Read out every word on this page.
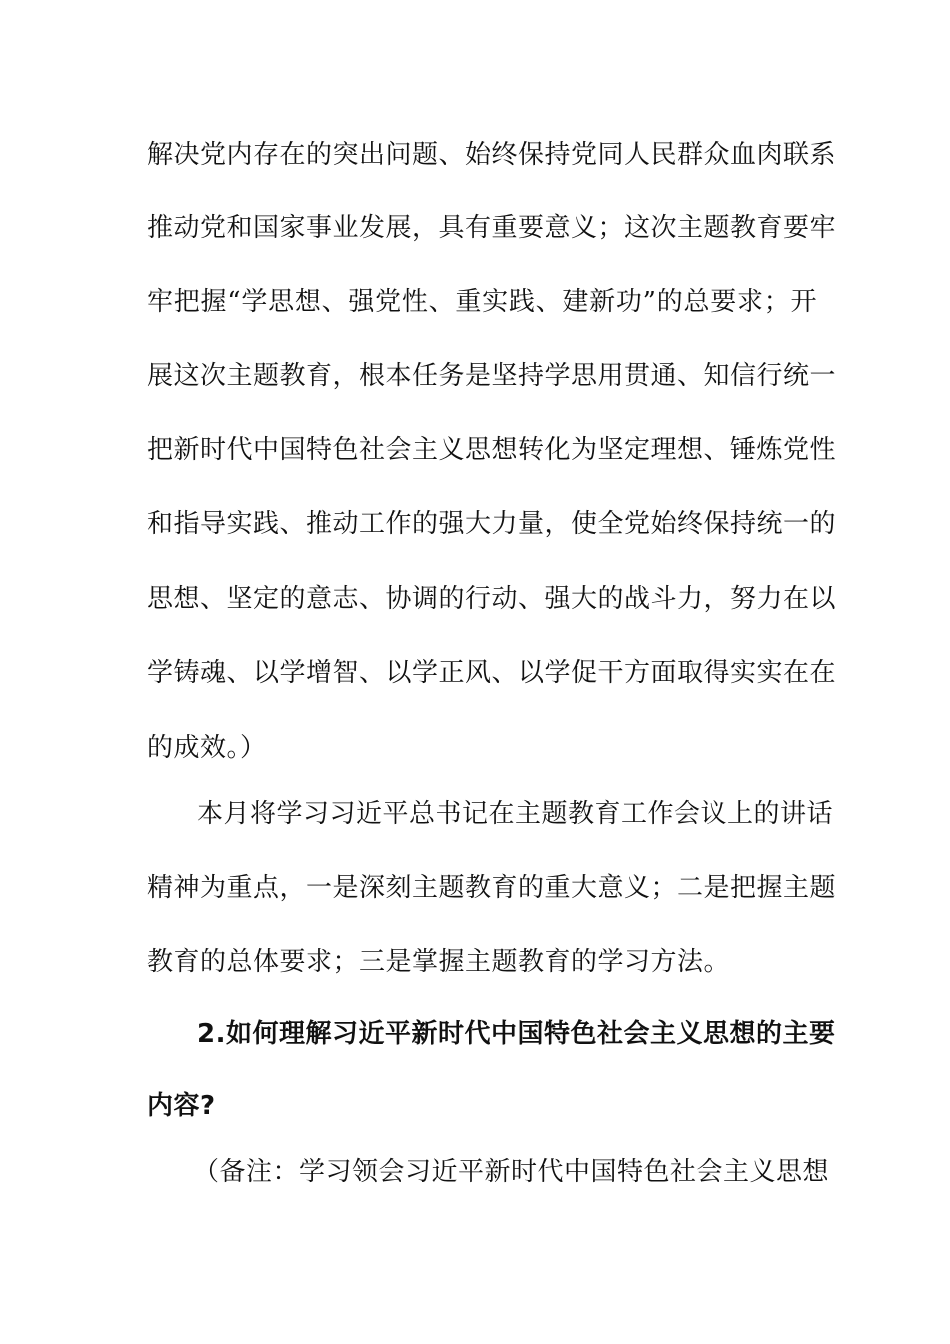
解决党内存在的突出问题、始终保持党同人民群众血肉联系
推动党和国家事业发展，具有重要意义；这次主题教育要牢
牢把握“学思想、强党性、重实践、建新功”的总要求；开
展这次主题教育，根本任务是坚持学思用贯通、知信行统一
把新时代中国特色社会主义思想转化为坚定理想、锤炼党性
和指导实践、推动工作的强大力量，使全党始终保持统一的
思想、坚定的意志、协调的行动、强大的战斗力，努力在以
学铸魂、以学增智、以学正风、以学促干方面取得实实在在
的成效。）
本月将学习习近平总书记在主题教育工作会议上的讲话
精神为重点，一是深刻主题教育的重大意义；二是把握主题
教育的总体要求；三是掌握主题教育的学习方法。
2.如何理解习近平新时代中国特色社会主义思想的主要
内容?
（备注：学习领会习近平新时代中国特色社会主义思想
